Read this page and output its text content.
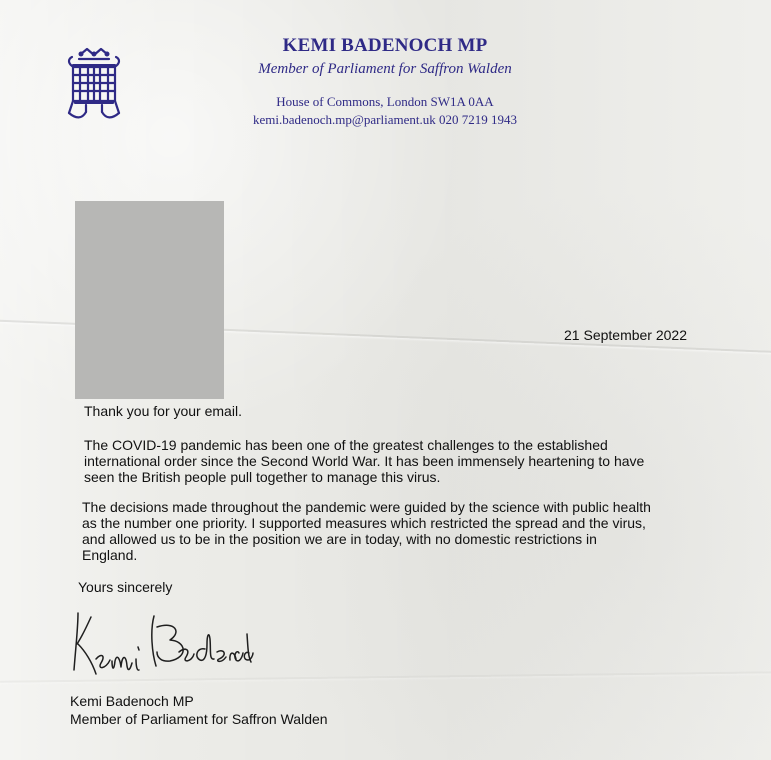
KEMI BADENOCH MP
Member of Parliament for Saffron Walden
House of Commons, London SW1A 0AA
kemi.badenoch.mp@parliament.uk 020 7219 1943
21 September 2022
Thank you for your email.
The COVID-19 pandemic has been one of the greatest challenges to the established
international order since the Second World War. It has been immensely heartening to have
seen the British people pull together to manage this virus.
The decisions made throughout the pandemic were guided by the science with public health
as the number one priority. I supported measures which restricted the spread and the virus,
and allowed us to be in the position we are in today, with no domestic restrictions in
England.
Yours sincerely
Kemi Badenoch MP
Member of Parliament for Saffron Walden
